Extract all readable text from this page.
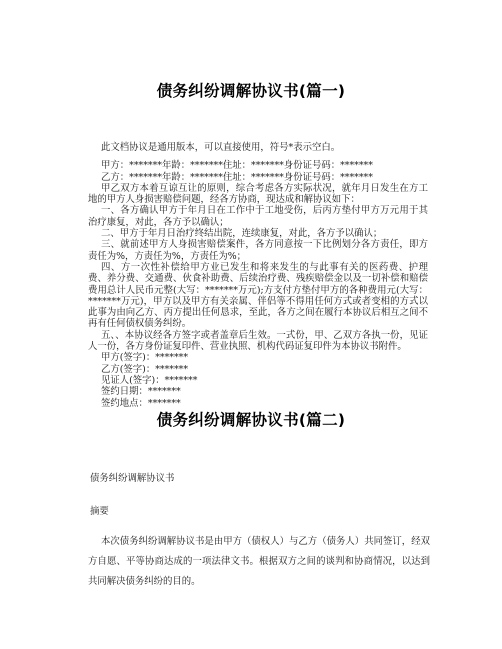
债务纠纷调解协议书(篇一)

此文档协议是通用版本，可以直接使用，符号*表示空白。

甲方：*******年龄：*******住址：*******身份证号码：*******

乙方：*******年龄：*******住址：*******身份证号码：*******

甲乙双方本着互谅互让的原则，综合考虑各方实际状况，就年月日发生在方工地的甲方人身损害赔偿问题，经各方协商，现达成和解协议如下：

一、各方确认甲方于年月日在工作中于工地受伤，后丙方垫付甲方万元用于其治疗康复，对此，各方予以确认；

二、甲方于年月日治疗终结出院，连续康复，对此，各方予以确认；

三、就前述甲方人身损害赔偿案件，各方同意按一下比例划分各方责任，即方责任为%，方责任为%，方责任为%；

四、方一次性补偿给甲方业已发生和将来发生的与此事有关的医药费、护理费、养分费、交通费、伙食补助费、后续治疗费、残疾赔偿金以及一切补偿和赔偿费用总计人民币元整(大写：*******万元);方支付方垫付甲方的各种费用元(大写：*******万元)，甲方以及甲方有关亲属、伴侣等不得用任何方式或者变相的方式以此事为由向乙方、丙方提出任何恳求，至此，各方之间在履行本协议后相互之间不再有任何债权债务纠纷。

五、、本协议经各方签字或者盖章后生效。一式份，甲、乙双方各执一份，见证人一份，各方身份证复印件、营业执照、机构代码证复印件为本协议书附件。

甲方(签字)：*******

乙方(签字)：*******

见证人(签字)：*******

签约日期：*******

签约地点：*******

债务纠纷调解协议书(篇二)

债务纠纷调解协议书

摘要

本次债务纠纷调解协议书是由甲方（债权人）与乙方（债务人）共同签订，经双方自愿、平等协商达成的一项法律文书。根据双方之间的谈判和协商情况，以达到共同解决债务纠纷的目的。
